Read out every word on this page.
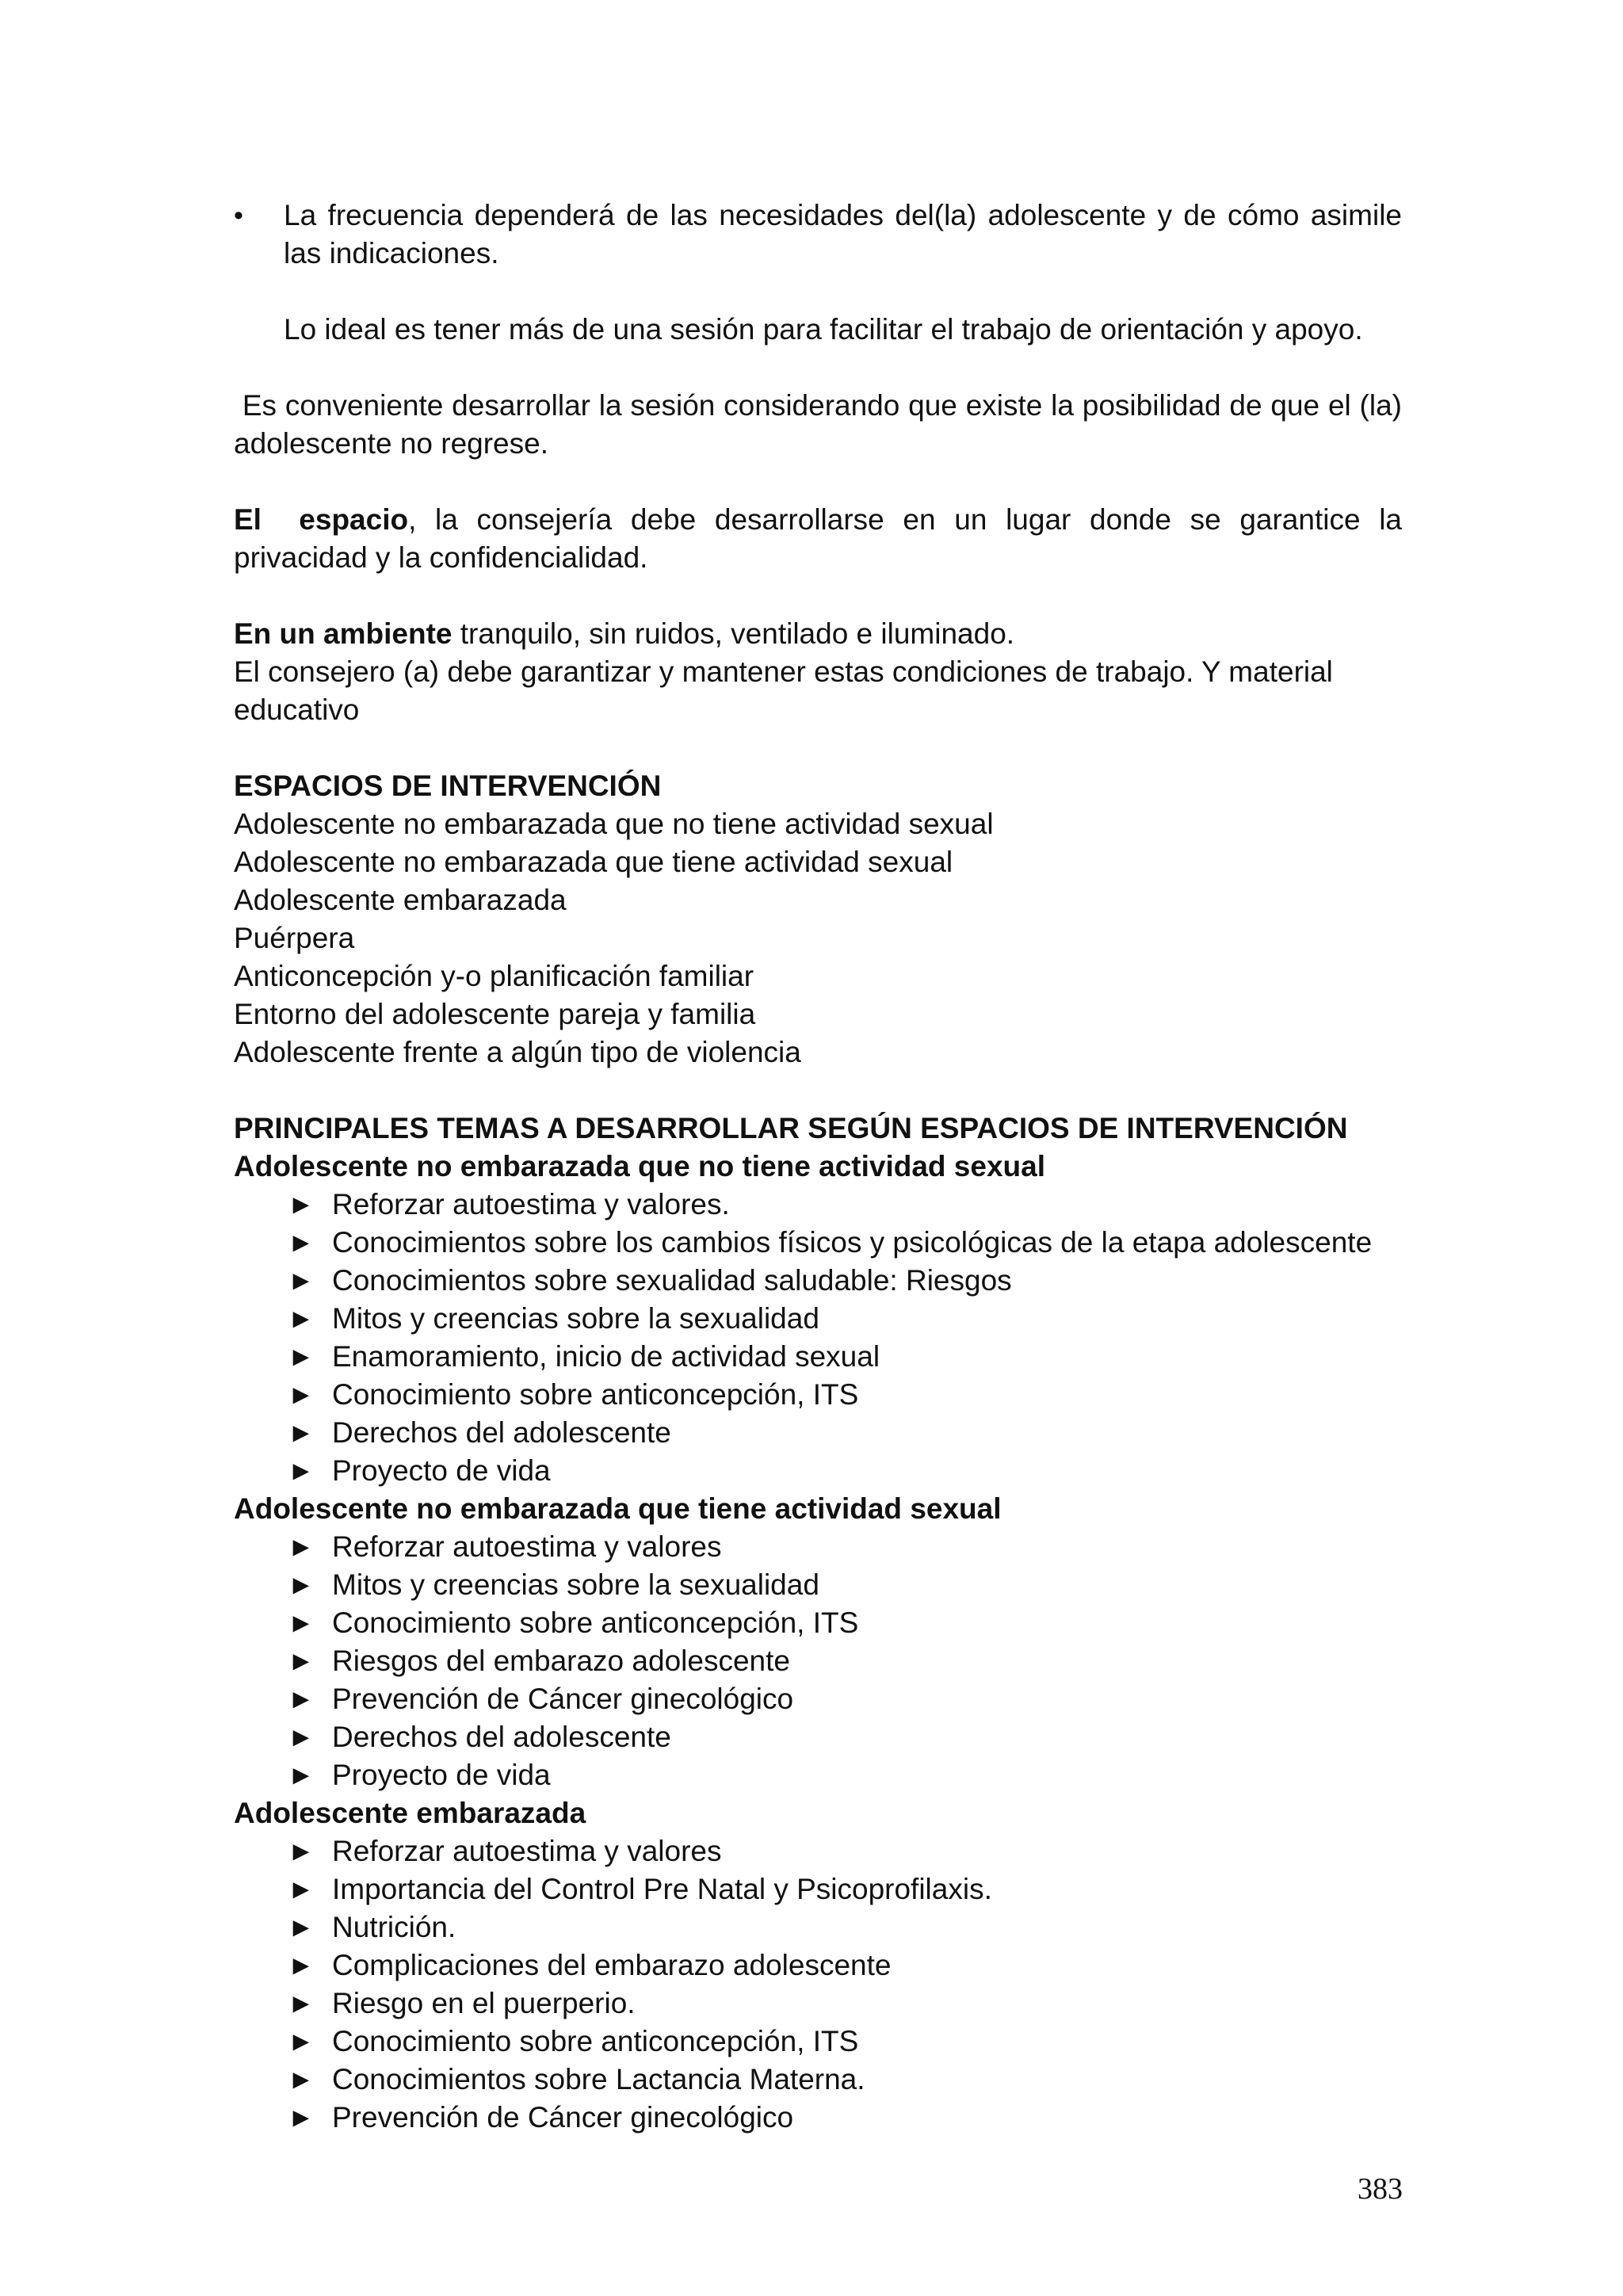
•	La frecuencia dependerá de las necesidades del(la) adolescente y de cómo asimile las indicaciones.
Lo ideal es tener más de una sesión para facilitar el trabajo de orientación y apoyo.
Es conveniente desarrollar la sesión considerando que existe la posibilidad de que el (la) adolescente no regrese.
El  espacio, la consejería debe desarrollarse en un lugar donde se garantice la privacidad y la confidencialidad.
En un ambiente tranquilo, sin ruidos, ventilado e iluminado.
El consejero (a) debe garantizar y mantener estas condiciones de trabajo. Y material educativo
ESPACIOS DE INTERVENCIÓN
Adolescente no embarazada que no tiene actividad sexual
Adolescente no embarazada que tiene actividad sexual
Adolescente embarazada
Puérpera
Anticoncepción y-o planificación familiar
Entorno del adolescente pareja y familia
Adolescente frente a algún tipo de violencia
PRINCIPALES TEMAS A DESARROLLAR SEGÚN ESPACIOS DE INTERVENCIÓN
Adolescente no embarazada que no tiene actividad sexual
► Reforzar autoestima y valores.
► Conocimientos sobre los cambios físicos y psicológicas de la etapa adolescente
► Conocimientos sobre sexualidad saludable: Riesgos
► Mitos y creencias sobre la sexualidad
► Enamoramiento, inicio de actividad sexual
► Conocimiento sobre anticoncepción, ITS
► Derechos del adolescente
► Proyecto de vida
Adolescente no embarazada que tiene actividad sexual
► Reforzar autoestima y valores
► Mitos y creencias sobre la sexualidad
► Conocimiento sobre anticoncepción, ITS
► Riesgos del embarazo adolescente
► Prevención de Cáncer ginecológico
► Derechos del adolescente
► Proyecto de vida
Adolescente embarazada
► Reforzar autoestima y valores
► Importancia del Control Pre Natal y Psicoprofilaxis.
► Nutrición.
► Complicaciones del embarazo adolescente
► Riesgo en el puerperio.
► Conocimiento sobre anticoncepción, ITS
► Conocimientos sobre Lactancia Materna.
► Prevención de Cáncer ginecológico
383
